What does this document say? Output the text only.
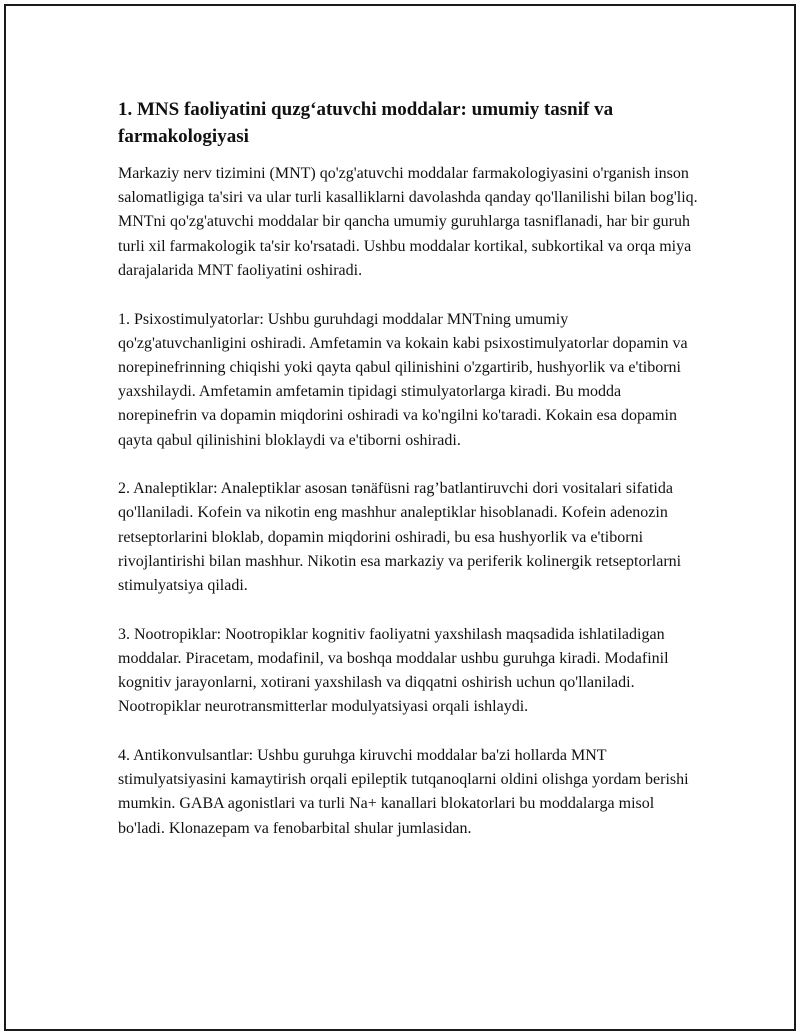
1. MNS faoliyatini quzg‘atuvchi moddalar: umumiy tasnif va farmakologiyasi

Markaziy nerv tizimini (MNT) qo'zg'atuvchi moddalar farmakologiyasini o'rganish inson salomatligiga ta'siri va ular turli kasalliklarni davolashda qanday qo'llanilishi bilan bog'liq. MNTni qo'zg'atuvchi moddalar bir qancha umumiy guruhlarga tasniflanadi, har bir guruh turli xil farmakologik ta'sir ko'rsatadi. Ushbu moddalar kortikal, subkortikal va orqa miya darajalarida MNT faoliyatini oshiradi.

1. Psixostimulyatorlar: Ushbu guruhdagi moddalar MNTning umumiy qo'zg'atuvchanligini oshiradi. Amfetamin va kokain kabi psixostimulyatorlar dopamin va norepinefrinning chiqishi yoki qayta qabul qilinishini o'zgartirib, hushyorlik va e'tiborni yaxshilaydi. Amfetamin amfetamin tipidagi stimulyatorlarga kiradi. Bu modda norepinefrin va dopamin miqdorini oshiradi va ko'ngilni ko'taradi. Kokain esa dopamin qayta qabul qilinishini bloklaydi va e'tiborni oshiradi.

2. Analeptiklar: Analeptiklar asosan tənäfüsni rag’batlantiruvchi dori vositalari sifatida qo'llaniladi. Kofein va nikotin eng mashhur analeptiklar hisoblanadi. Kofein adenozin retseptorlarini bloklab, dopamin miqdorini oshiradi, bu esa hushyorlik va e'tiborni rivojlantirishi bilan mashhur. Nikotin esa markaziy va periferik kolinergik retseptorlarni stimulyatsiya qiladi.

3. Nootropiklar: Nootropiklar kognitiv faoliyatni yaxshilash maqsadida ishlatiladigan moddalar. Piracetam, modafinil, va boshqa moddalar ushbu guruhga kiradi. Modafinil kognitiv jarayonlarni, xotirani yaxshilash va diqqatni oshirish uchun qo'llaniladi. Nootropiklar neurotransmitterlar modulyatsiyasi orqali ishlaydi.

4. Antikonvulsantlar: Ushbu guruhga kiruvchi moddalar ba'zi hollarda MNT stimulyatsiyasini kamaytirish orqali epileptik tutqanoqlarni oldini olishga yordam berishi mumkin. GABA agonistlari va turli Na+ kanallari blokatorlari bu moddalarga misol bo'ladi. Klonazepam va fenobarbital shular jumlasidan.
